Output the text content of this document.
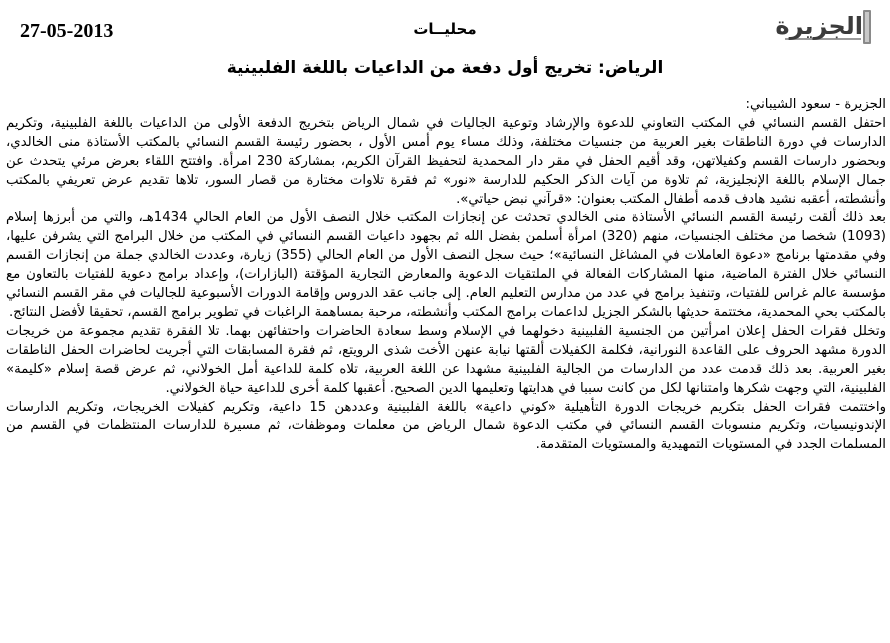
27-05-2013	محليــات	الجزيرة
الرياض: تخريج أول دفعة من الداعيات باللغة الفلبينية

الجزيرة - سعود الشيباني:

احتفل القسم النسائي في المكتب التعاوني للدعوة والإرشاد وتوعية الجاليات في شمال الرياض بتخريج الدفعة الأولى من الداعيات باللغة الفلبينية، وتكريم الدارسات في دورة الناطقات بغير العربية من جنسيات مختلفة، وذلك مساء يوم أمس الأول ، بحضور رئيسة القسم النسائي بالمكتب الأستاذة منى الخالدي، وبحضور دارسات القسم وكفيلاتهن، وقد أقيم الحفل في مقر دار المحمدية لتحفيظ القرآن الكريم، بمشاركة 230 امرأة. وافتتح اللقاء بعرض مرئي يتحدث عن جمال الإسلام باللغة الإنجليزية، ثم تلاوة من آيات الذكر الحكيم للدارسة «نور» ثم فقرة تلاوات مختارة من قصار السور، تلاها تقديم عرض تعريفي بالمكتب وأنشطته، أعقبه نشيد هادف قدمه أطفال المكتب بعنوان: «قرآني نبض حياتي».

بعد ذلك ألقت رئيسة القسم النسائي الأستاذة منى الخالدي تحدثت عن إنجازات المكتب خلال النصف الأول من العام الحالي 1434هـ، والتي من أبرزها إسلام (1093) شخصا من مختلف الجنسيات، منهم (320) امرأة أسلمن بفضل الله ثم بجهود داعيات القسم النسائي في المكتب من خلال البرامج التي يشرفن عليها، وفي مقدمتها برنامج «دعوة العاملات في المشاغل النسائية»؛ حيث سجل النصف الأول من العام الحالي (355) زيارة، وعددت الخالدي جملة من إنجازات القسم النسائي خلال الفترة الماضية، منها المشاركات الفعالة في الملتقيات الدعوية والمعارض التجارية المؤقتة (البازارات)، وإعداد برامج دعوية للفتيات بالتعاون مع مؤسسة عالم غراس للفتيات، وتنفيذ برامج في عدد من مدارس التعليم العام. إلى جانب عقد الدروس وإقامة الدورات الأسبوعية للجاليات في مقر القسم النسائي بالمكتب بحي المحمدية، مختتمة حديثها بالشكر الجزيل لداعمات برامج المكتب وأنشطته، مرحبة بمساهمة الراغبات في تطوير برامج القسم، تحقيقا لأفضل النتائج.

وتخلل فقرات الحفل إعلان امرأتين من الجنسية الفلبينية دخولهما في الإسلام وسط سعادة الحاضرات واحتفائهن بهما. تلا الفقرة تقديم مجموعة من خريجات الدورة مشهد الحروف على القاعدة النورانية، فكلمة الكفيلات ألقتها نيابة عنهن الأخت شذى الرويتع، ثم فقرة المسابقات التي أجريت لحاضرات الحفل الناطقات بغير العربية. بعد ذلك قدمت عدد من الدارسات من الجالية الفلبينية مشهدا عن اللغة العربية، تلاه كلمة للداعية أمل الخولاني، ثم عرض قصة إسلام «كليمة» الفلبينية، التي وجهت شكرها وامتنانها لكل من كانت سببا في هدايتها وتعليمها الدين الصحيح. أعقبها كلمة أخرى للداعية حياة الخولاني.

واختتمت فقرات الحفل بتكريم خريجات الدورة التأهيلية «كوني داعية» باللغة الفلبينية وعددهن 15 داعية، وتكريم كفيلات الخريجات، وتكريم الدارسات الإندونيسيات، وتكريم منسوبات القسم النسائي في مكتب الدعوة شمال الرياض من معلمات وموظفات، ثم مسيرة للدارسات المنتظمات في القسم من المسلمات الجدد في المستويات التمهيدية والمستويات المتقدمة.
